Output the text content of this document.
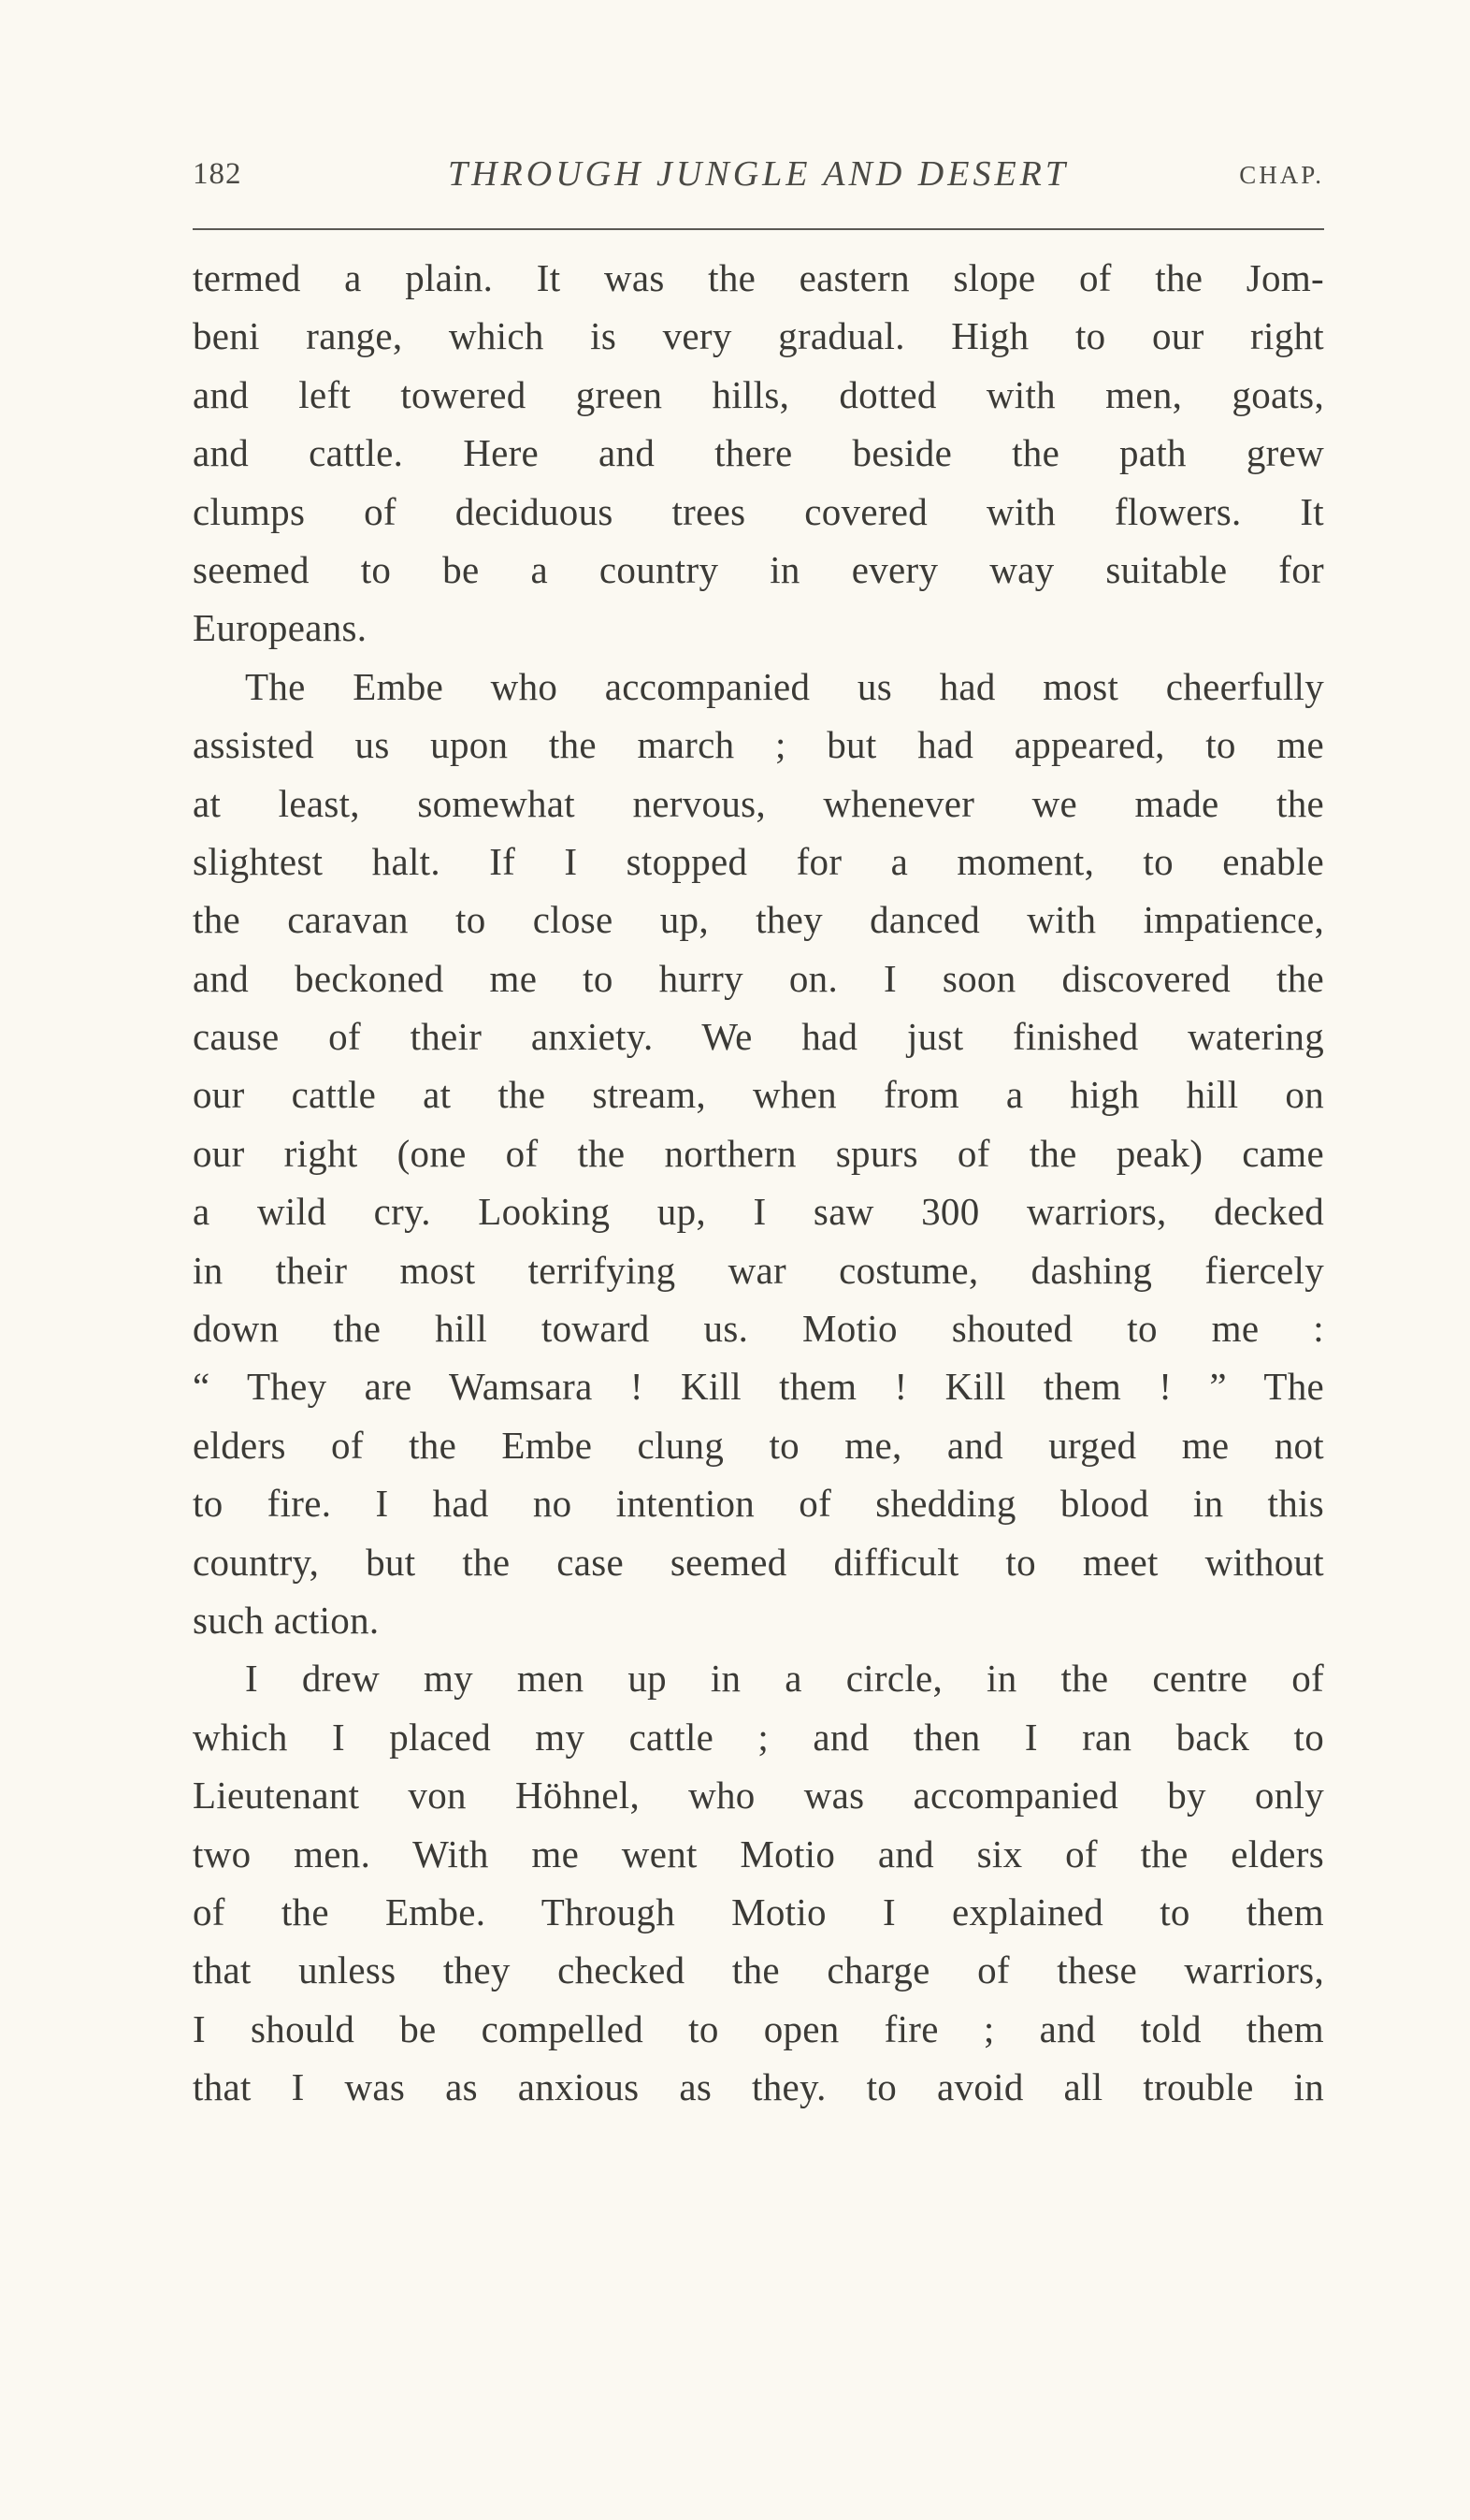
182	THROUGH JUNGLE AND DESERT	CHAP.
termed a plain. It was the eastern slope of the Jom-
beni range, which is very gradual. High to our right
and left towered green hills, dotted with men, goats,
and cattle. Here and there beside the path grew
clumps of deciduous trees covered with flowers. It
seemed to be a country in every way suitable for
Europeans.
The Embe who accompanied us had most cheerfully
assisted us upon the march ; but had appeared, to me
at least, somewhat nervous, whenever we made the
slightest halt. If I stopped for a moment, to enable
the caravan to close up, they danced with impatience,
and beckoned me to hurry on. I soon discovered the
cause of their anxiety. We had just finished watering
our cattle at the stream, when from a high hill on
our right (one of the northern spurs of the peak) came
a wild cry. Looking up, I saw 300 warriors, decked
in their most terrifying war costume, dashing fiercely
down the hill toward us. Motio shouted to me :
“ They are Wamsara ! Kill them ! Kill them ! ” The
elders of the Embe clung to me, and urged me not
to fire. I had no intention of shedding blood in this
country, but the case seemed difficult to meet without
such action.
I drew my men up in a circle, in the centre of
which I placed my cattle ; and then I ran back to
Lieutenant von Höhnel, who was accompanied by only
two men. With me went Motio and six of the elders
of the Embe. Through Motio I explained to them
that unless they checked the charge of these warriors,
I should be compelled to open fire ; and told them
that I was as anxious as they. to avoid all trouble in
